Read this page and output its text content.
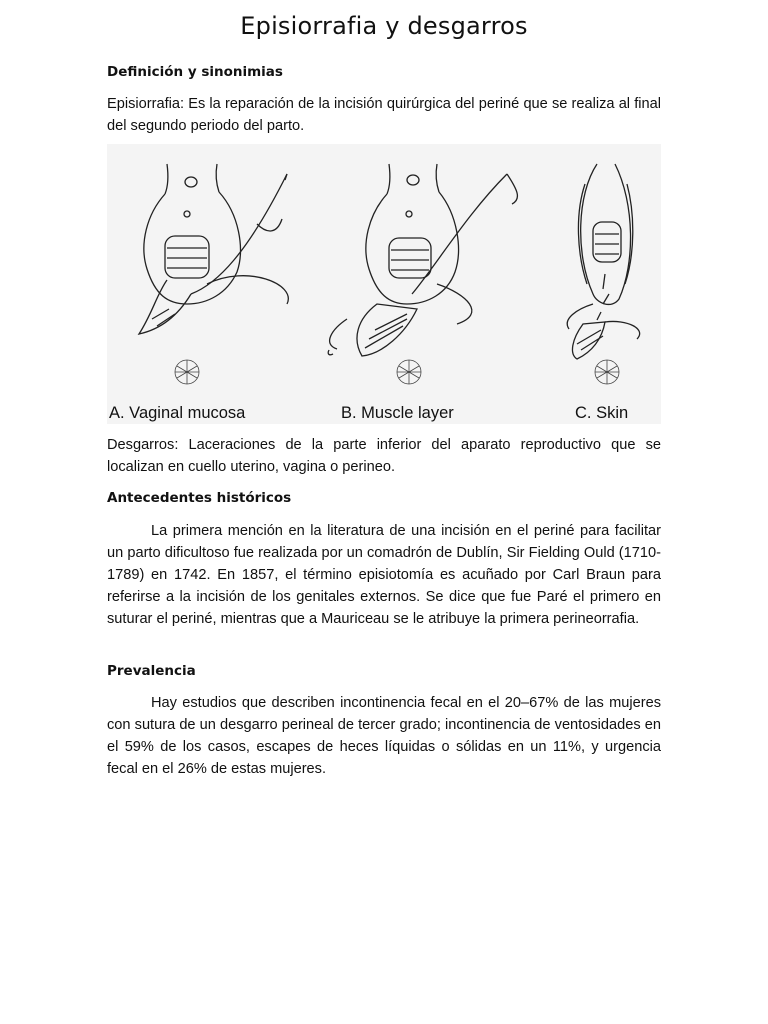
Episiorrafia y desgarros
Definición y sinonimias

Episiorrafia: Es la reparación de la incisión quirúrgica del periné que se realiza al final del segundo periodo del parto.

A. Vaginal mucosa	B. Muscle layer	C. Skin

Desgarros: Laceraciones de la parte inferior del aparato reproductivo que se localizan en cuello uterino, vagina o perineo.

Antecedentes históricos

La primera mención en la literatura de una incisión en el periné para facilitar un parto dificultoso fue realizada por un comadrón de Dublín, Sir Fielding Ould (1710-1789) en 1742. En 1857, el término episiotomía es acuñado por Carl Braun para referirse a la incisión de los genitales externos. Se dice que fue Paré el primero en suturar el periné, mientras que a Mauriceau se le atribuye la primera perineorrafia.

Prevalencia

Hay estudios que describen incontinencia fecal en el 20–67% de las mujeres con sutura de un desgarro perineal de tercer grado; incontinencia de ventosidades en el 59% de los casos, escapes de heces líquidas o sólidas en un 11%, y urgencia fecal en el 26% de estas mujeres.
